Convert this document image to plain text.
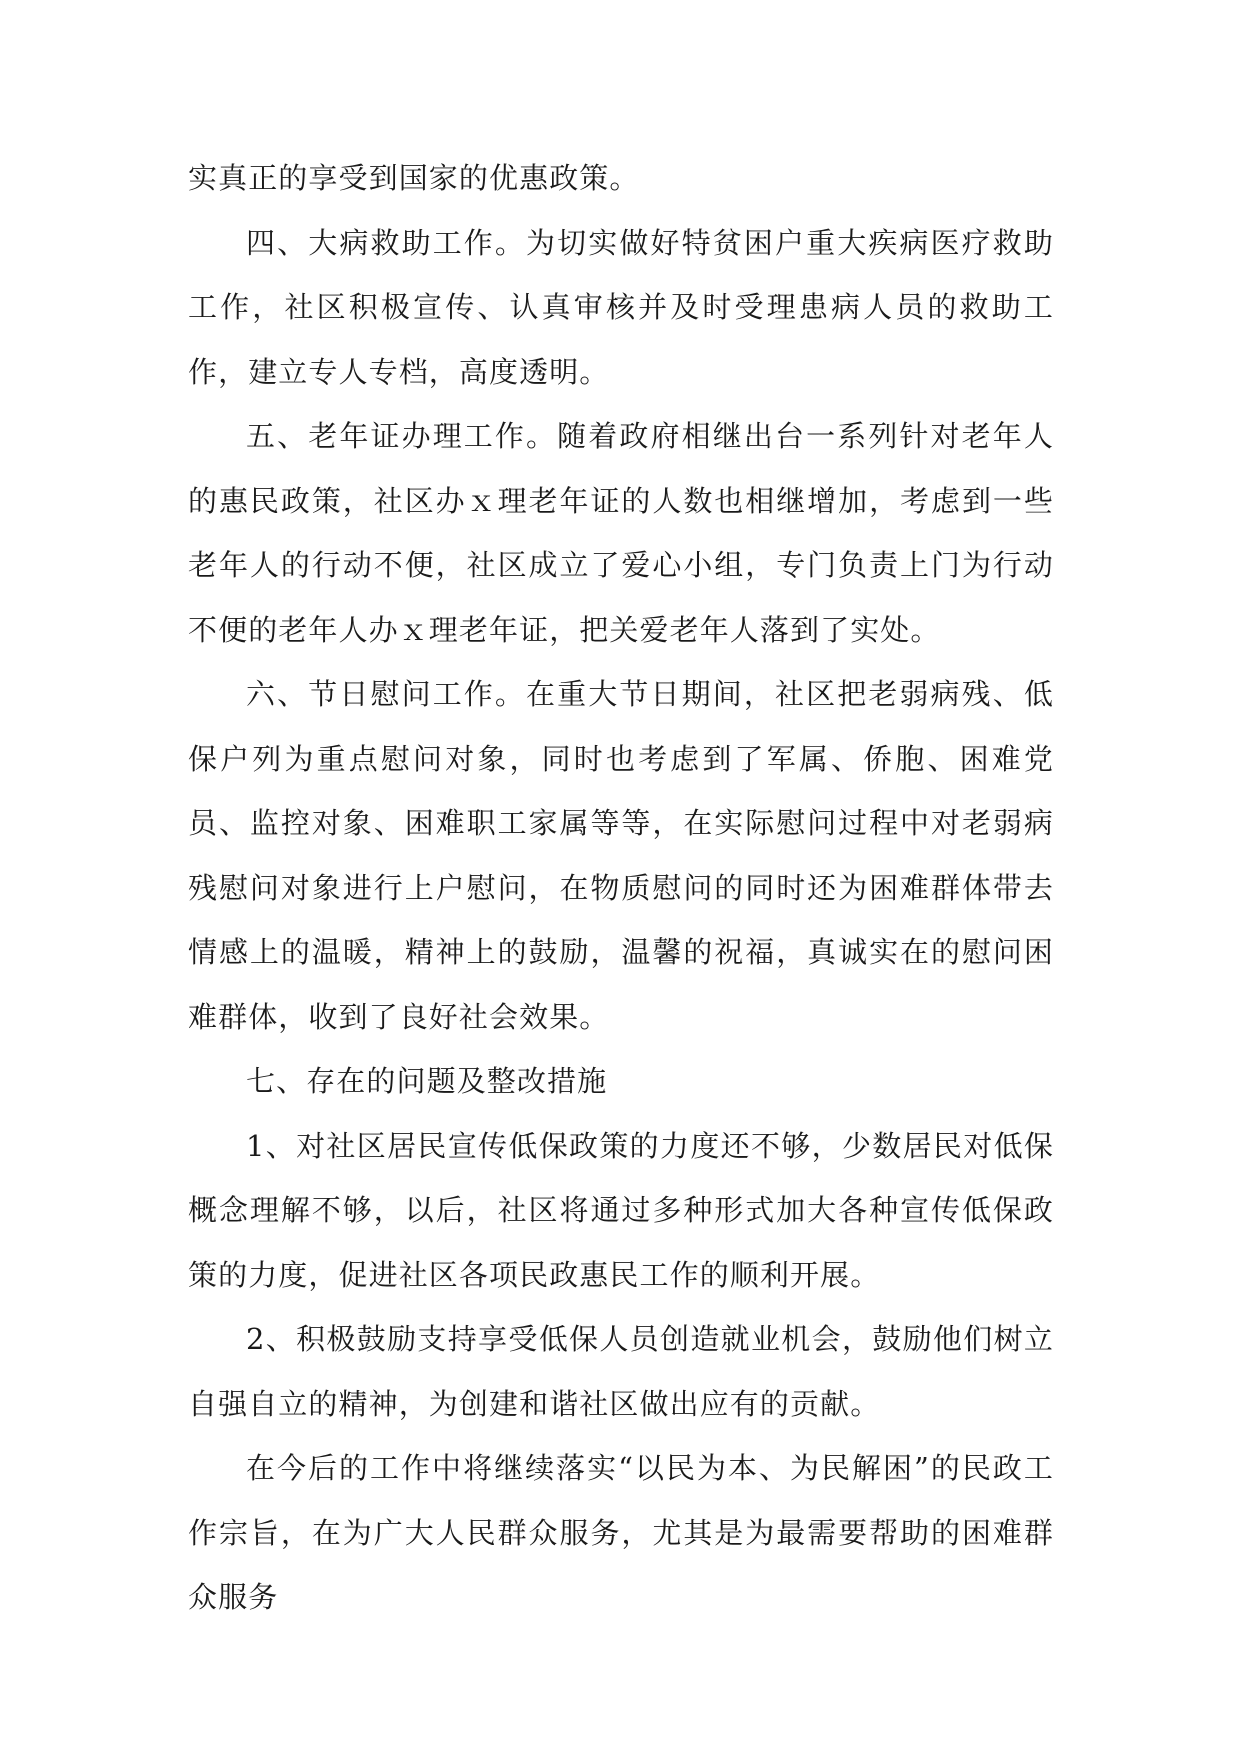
实真正的享受到国家的优惠政策。

四、大病救助工作。为切实做好特贫困户重大疾病医疗救助工作，社区积极宣传、认真审核并及时受理患病人员的救助工作，建立专人专档，高度透明。

五、老年证办理工作。随着政府相继出台一系列针对老年人的惠民政策，社区办ｘ理老年证的人数也相继增加，考虑到一些老年人的行动不便，社区成立了爱心小组，专门负责上门为行动不便的老年人办ｘ理老年证，把关爱老年人落到了实处。

六、节日慰问工作。在重大节日期间，社区把老弱病残、低保户列为重点慰问对象，同时也考虑到了军属、侨胞、困难党员、监控对象、困难职工家属等等，在实际慰问过程中对老弱病残慰问对象进行上户慰问，在物质慰问的同时还为困难群体带去情感上的温暖，精神上的鼓励，温馨的祝福，真诚实在的慰问困难群体，收到了良好社会效果。

七、存在的问题及整改措施

1、对社区居民宣传低保政策的力度还不够，少数居民对低保概念理解不够，以后，社区将通过多种形式加大各种宣传低保政策的力度，促进社区各项民政惠民工作的顺利开展。

2、积极鼓励支持享受低保人员创造就业机会，鼓励他们树立自强自立的精神，为创建和谐社区做出应有的贡献。

在今后的工作中将继续落实“以民为本、为民解困”的民政工作宗旨，在为广大人民群众服务，尤其是为最需要帮助的困难群众服务
